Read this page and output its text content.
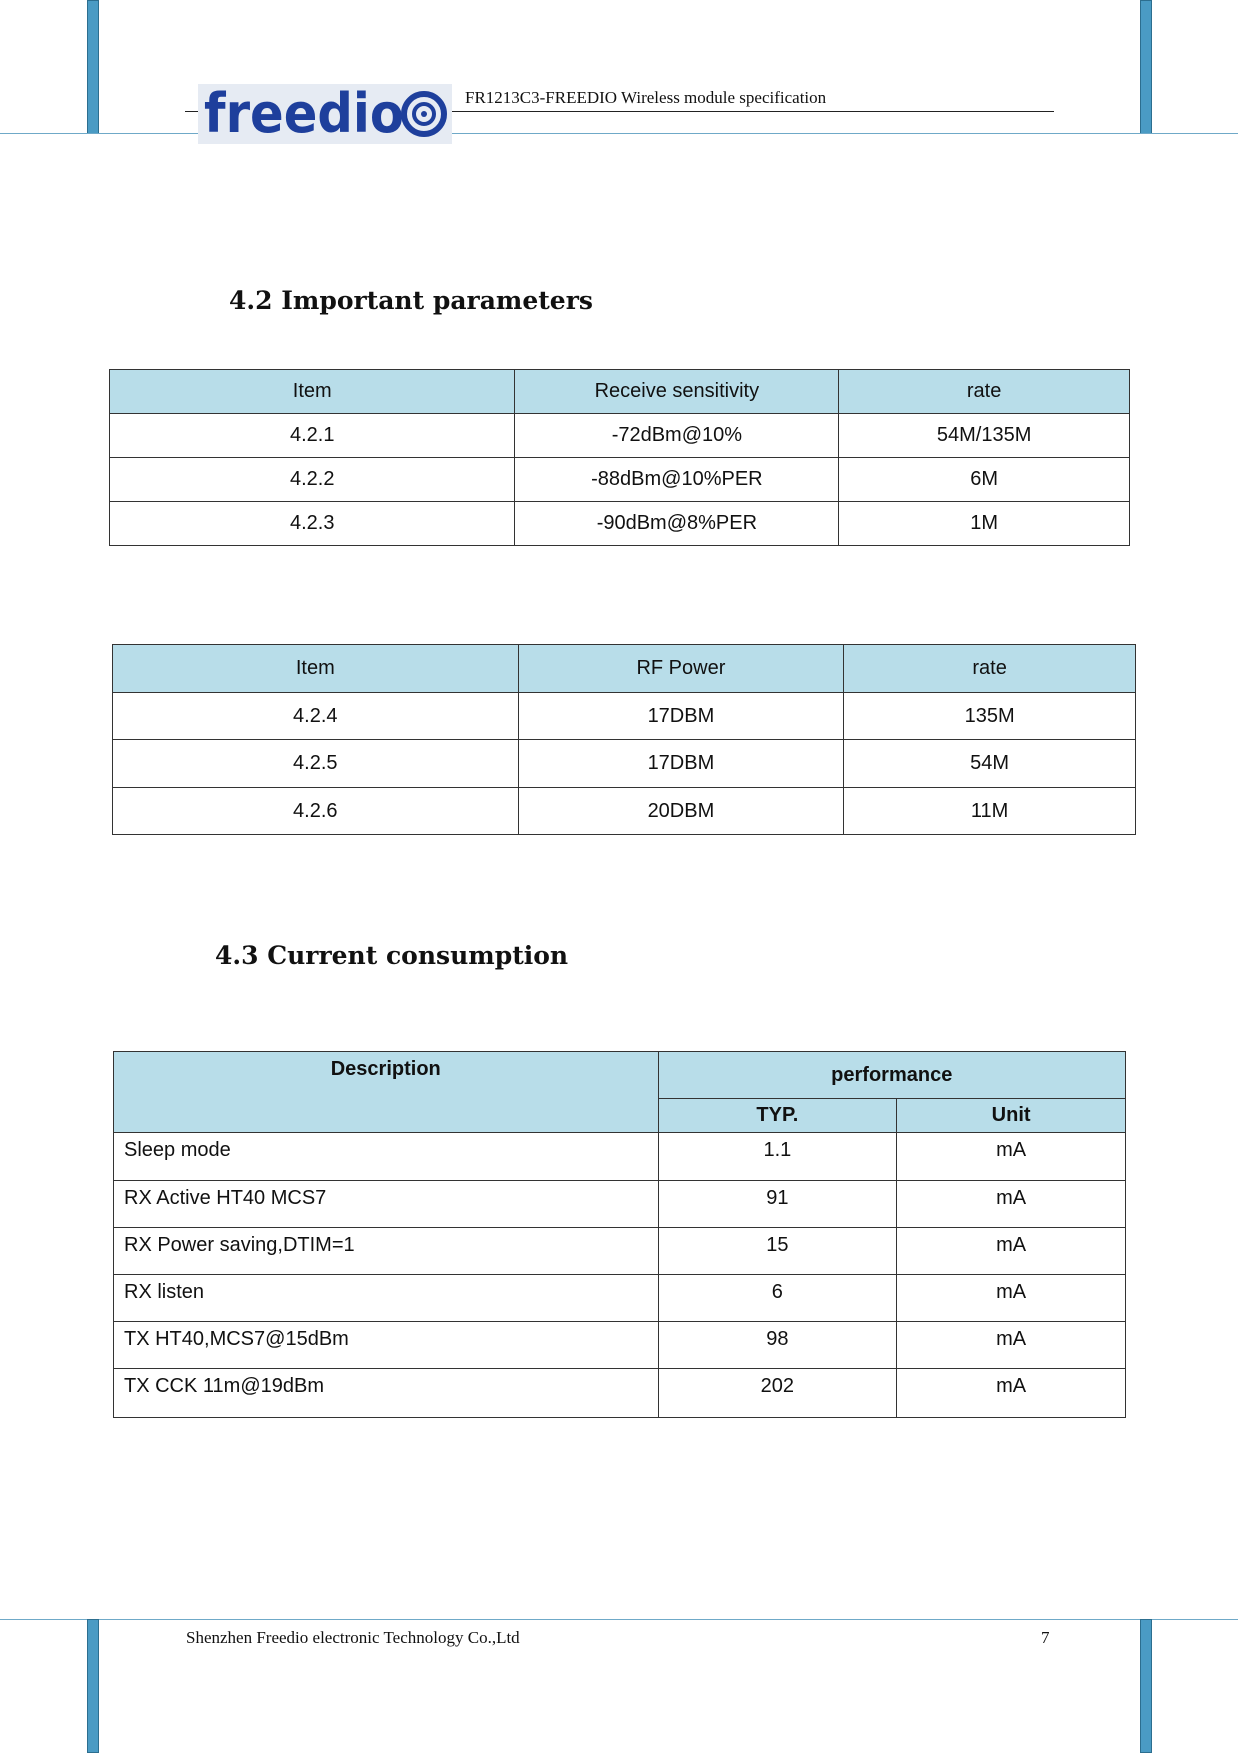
freedio	FR1213C3-FREEDIO Wireless module specification
4.2 Important parameters
Item	Receive sensitivity	rate
4.2.1	-72dBm@10%	54M/135M
4.2.2	-88dBm@10%PER	6M
4.2.3	-90dBm@8%PER	1M
Item	RF Power	rate
4.2.4	17DBM	135M
4.2.5	17DBM	54M
4.2.6	20DBM	11M
4.3 Current consumption
Description	performance	
	TYP.	Unit
Sleep mode	1.1	mA
RX Active HT40 MCS7	91	mA
RX Power saving,DTIM=1	15	mA
RX listen	6	mA
TX HT40,MCS7@15dBm	98	mA
TX CCK 11m@19dBm	202	mA
Shenzhen Freedio electronic Technology Co.,Ltd	7
